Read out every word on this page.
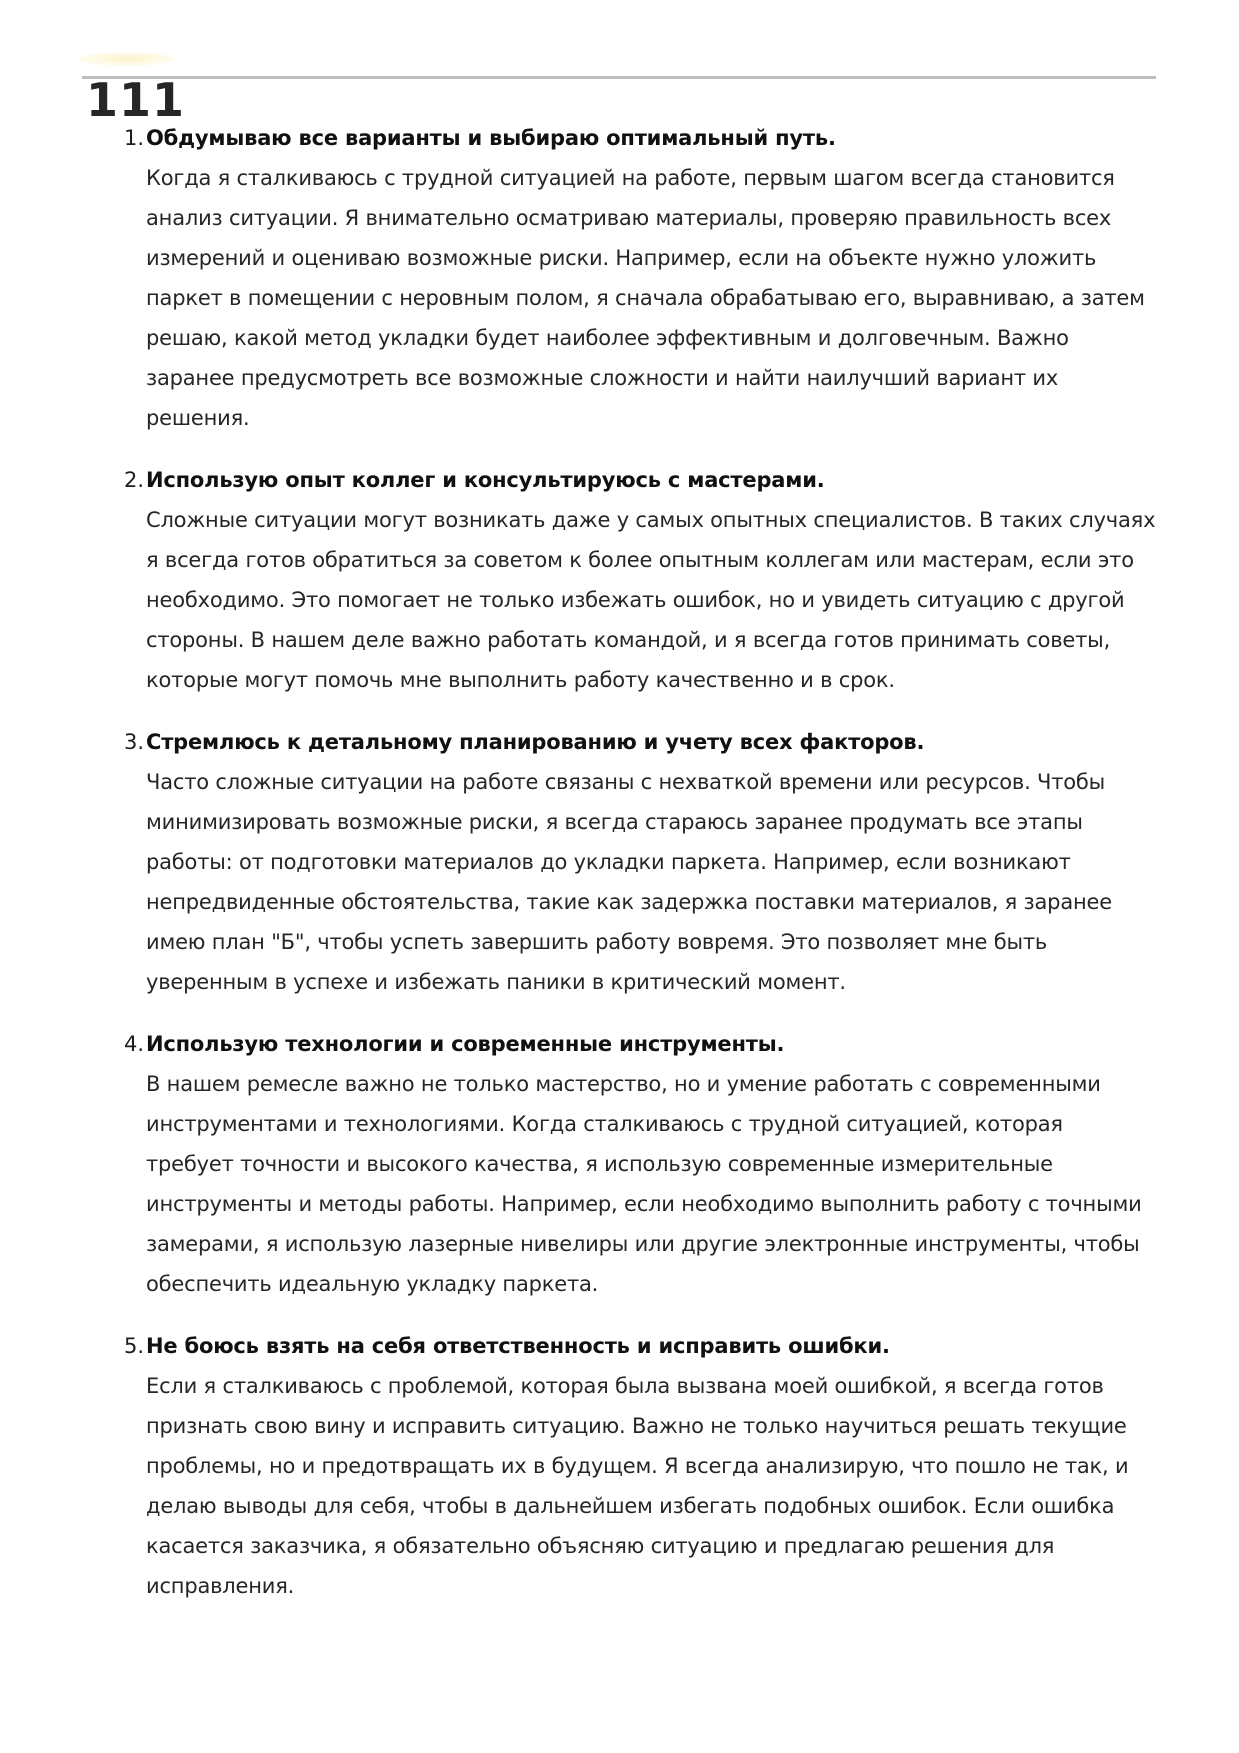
111
1. Обдумываю все варианты и выбираю оптимальный путь.
Когда я сталкиваюсь с трудной ситуацией на работе, первым шагом всегда становится анализ ситуации. Я внимательно осматриваю материалы, проверяю правильность всех измерений и оцениваю возможные риски. Например, если на объекте нужно уложить паркет в помещении с неровным полом, я сначала обрабатываю его, выравниваю, а затем решаю, какой метод укладки будет наиболее эффективным и долговечным. Важно заранее предусмотреть все возможные сложности и найти наилучший вариант их решения.
2. Использую опыт коллег и консультируюсь с мастерами.
Сложные ситуации могут возникать даже у самых опытных специалистов. В таких случаях я всегда готов обратиться за советом к более опытным коллегам или мастерам, если это необходимо. Это помогает не только избежать ошибок, но и увидеть ситуацию с другой стороны. В нашем деле важно работать командой, и я всегда готов принимать советы, которые могут помочь мне выполнить работу качественно и в срок.
3. Стремлюсь к детальному планированию и учету всех факторов.
Часто сложные ситуации на работе связаны с нехваткой времени или ресурсов. Чтобы минимизировать возможные риски, я всегда стараюсь заранее продумать все этапы работы: от подготовки материалов до укладки паркета. Например, если возникают непредвиденные обстоятельства, такие как задержка поставки материалов, я заранее имею план "Б", чтобы успеть завершить работу вовремя. Это позволяет мне быть уверенным в успехе и избежать паники в критический момент.
4. Использую технологии и современные инструменты.
В нашем ремесле важно не только мастерство, но и умение работать с современными инструментами и технологиями. Когда сталкиваюсь с трудной ситуацией, которая требует точности и высокого качества, я использую современные измерительные инструменты и методы работы. Например, если необходимо выполнить работу с точными замерами, я использую лазерные нивелиры или другие электронные инструменты, чтобы обеспечить идеальную укладку паркета.
5. Не боюсь взять на себя ответственность и исправить ошибки.
Если я сталкиваюсь с проблемой, которая была вызвана моей ошибкой, я всегда готов признать свою вину и исправить ситуацию. Важно не только научиться решать текущие проблемы, но и предотвращать их в будущем. Я всегда анализирую, что пошло не так, и делаю выводы для себя, чтобы в дальнейшем избегать подобных ошибок. Если ошибка касается заказчика, я обязательно объясняю ситуацию и предлагаю решения для исправления.
